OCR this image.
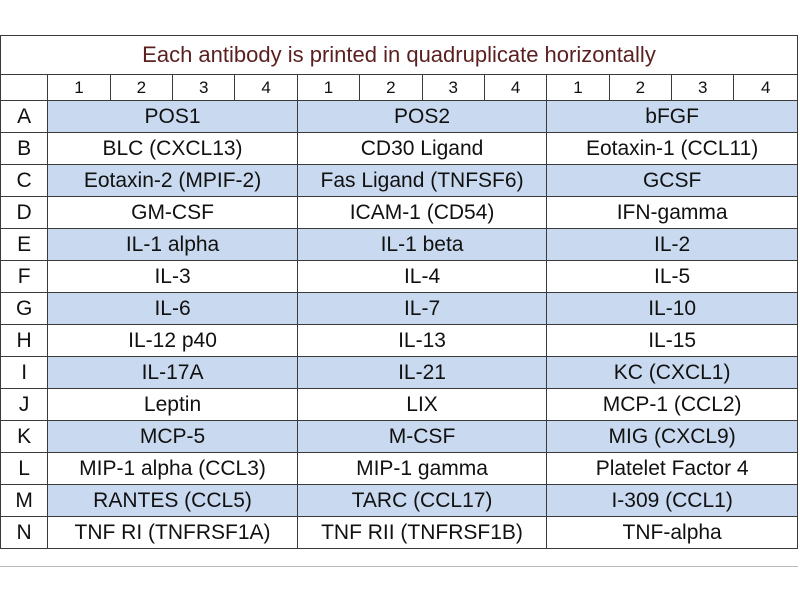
Each antibody is printed in quadruplicate horizontally												
	1	2	3	4	1	2	3	4	1	2	3	4
A	POS1				POS2				bFGF			
B	BLC (CXCL13)				CD30 Ligand				Eotaxin-1 (CCL11)			
C	Eotaxin-2 (MPIF-2)				Fas Ligand (TNFSF6)				GCSF			
D	GM-CSF				ICAM-1 (CD54)				IFN-gamma			
E	IL-1 alpha				IL-1 beta				IL-2			
F	IL-3				IL-4				IL-5			
G	IL-6				IL-7				IL-10			
H	IL-12 p40				IL-13				IL-15			
I	IL-17A				IL-21				KC (CXCL1)			
J	Leptin				LIX				MCP-1 (CCL2)			
K	MCP-5				M-CSF				MIG (CXCL9)			
L	MIP-1 alpha (CCL3)				MIP-1 gamma				Platelet Factor 4			
M	RANTES (CCL5)				TARC (CCL17)				I-309 (CCL1)			
N	TNF RI (TNFRSF1A)				TNF RII (TNFRSF1B)				TNF-alpha			
